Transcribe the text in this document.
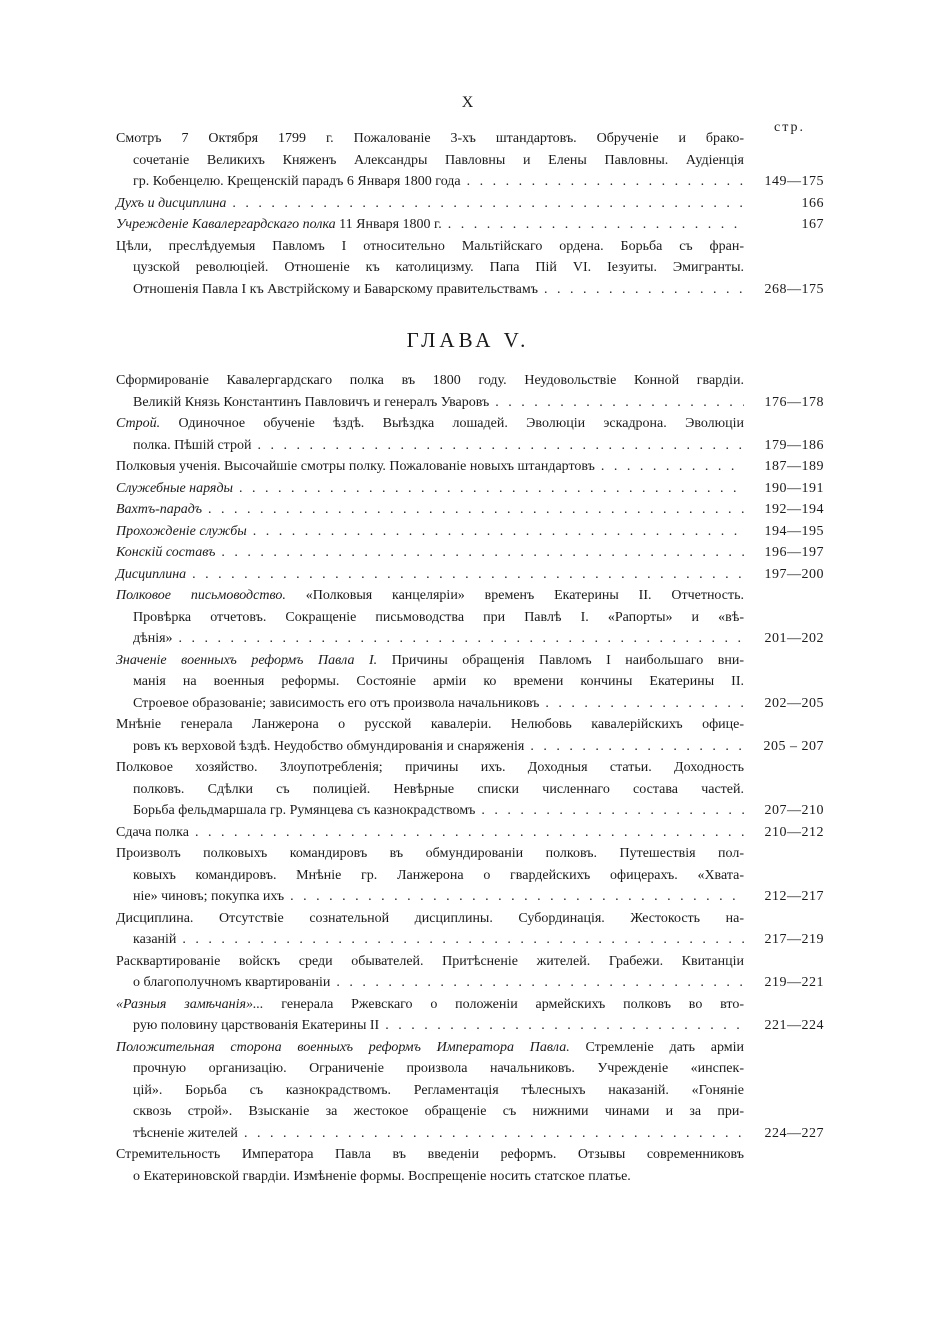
X
стр.
Смотръ 7 Октября 1799 г. Пожалованіе 3-хъ штандартовъ. Обрученіе и брако-
сочетаніе Великихъ Княженъ Александры Павловны и Елены Павловны. Аудіенція
гр. Кобенцелю. Крещенскій парадъ 6 Января 1800 года . . .	149—175
Духъ и дисциплина . . .	166
Учрежденіе Кавалергардскаго полка 11 Января 1800 г. . . .	167
Цѣли, преслѣдуемыя Павломъ I относительно Мальтійскаго ордена. Борьба съ фран-
цузской революціей. Отношеніе къ католицизму. Папа Пій VI. Іезуиты. Эмигранты.
Отношенія Павла I къ Австрійскому и Баварскому правительствамъ . . .	268—175
ГЛАВА V.
Сформированіе Кавалергардскаго полка въ 1800 году. Неудовольствіе Конной гвардіи.
Великій Князь Константинъ Павловичъ и генералъ Уваровъ . . .	176—178
Строй. Одиночное обученіе ѣздѣ. Выѣздка лошадей. Эволюціи эскадрона. Эволюціи
полка. Пѣшій строй . . .	179—186
Полковыя ученія. Высочайшіе смотры полку. Пожалованіе новыхъ штандартовъ . . .	187—189
Служебные наряды . . .	190—191
Вахтъ-парадъ . . .	192—194
Прохожденіе службы . . .	194—195
Конскій составъ . . .	196—197
Дисциплина . . .	197—200
Полковое письмоводство. «Полковыя канцеляріи» временъ Екатерины II. Отчетность.
Провѣрка отчетовъ. Сокращеніе письмоводства при Павлѣ I. «Рапорты» и «вѣ-
дѣнія» . . .	201—202
Значеніе военныхъ реформъ Павла I. Причины обращенія Павломъ I наибольшаго вни-
манія на военныя реформы. Состояніе арміи ко времени кончины Екатерины II.
Строевое образованіе; зависимость его отъ произвола начальниковъ . . .	202—205
Мнѣніе генерала Ланжерона о русской кавалеріи. Нелюбовь кавалерійскихъ офице-
ровъ къ верховой ѣздѣ. Неудобство обмундированія и снаряженія . . .	205 – 207
Полковое хозяйство. Злоупотребленія; причины ихъ. Доходныя статьи. Доходность
полковъ. Сдѣлки съ полиціей. Невѣрные списки численнаго состава частей.
Борьба фельдмаршала гр. Румянцева съ казнокрадствомъ . . .	207—210
Сдача полка . . .	210—212
Произволъ полковыхъ командировъ въ обмундированіи полковъ. Путешествія пол-
ковыхъ командировъ. Мнѣніе гр. Ланжерона о гвардейскихъ офицерахъ. «Хвата-
ніе» чиновъ; покупка ихъ . . .	212—217
Дисциплина. Отсутствіе сознательной дисциплины. Субординація. Жестокость на-
казаній . . .	217—219
Расквартированіе войскъ среди обывателей. Притѣсненіе жителей. Грабежи. Квитанціи
о благополучномъ квартированіи . . .	219—221
«Разныя замѣчанія»... генерала Ржевскаго о положеніи армейскихъ полковъ во вто-
рую половину царствованія Екатерины II . . .	221—224
Положительная сторона военныхъ реформъ Императора Павла. Стремленіе дать арміи
прочную организацію. Ограниченіе произвола начальниковъ. Учрежденіе «инспек-
цій». Борьба съ казнокрадствомъ. Регламентація тѣлесныхъ наказаній. «Гоняніе
сквозь строй». Взысканіе за жестокое обращеніе съ нижними чинами и за при-
тѣсненіе жителей . . .	224—227
Стремительность Императора Павла въ введеніи реформъ. Отзывы современниковъ
о Екатериновской гвардіи. Измѣненіе формы. Воспрещеніе носить статское платье.
